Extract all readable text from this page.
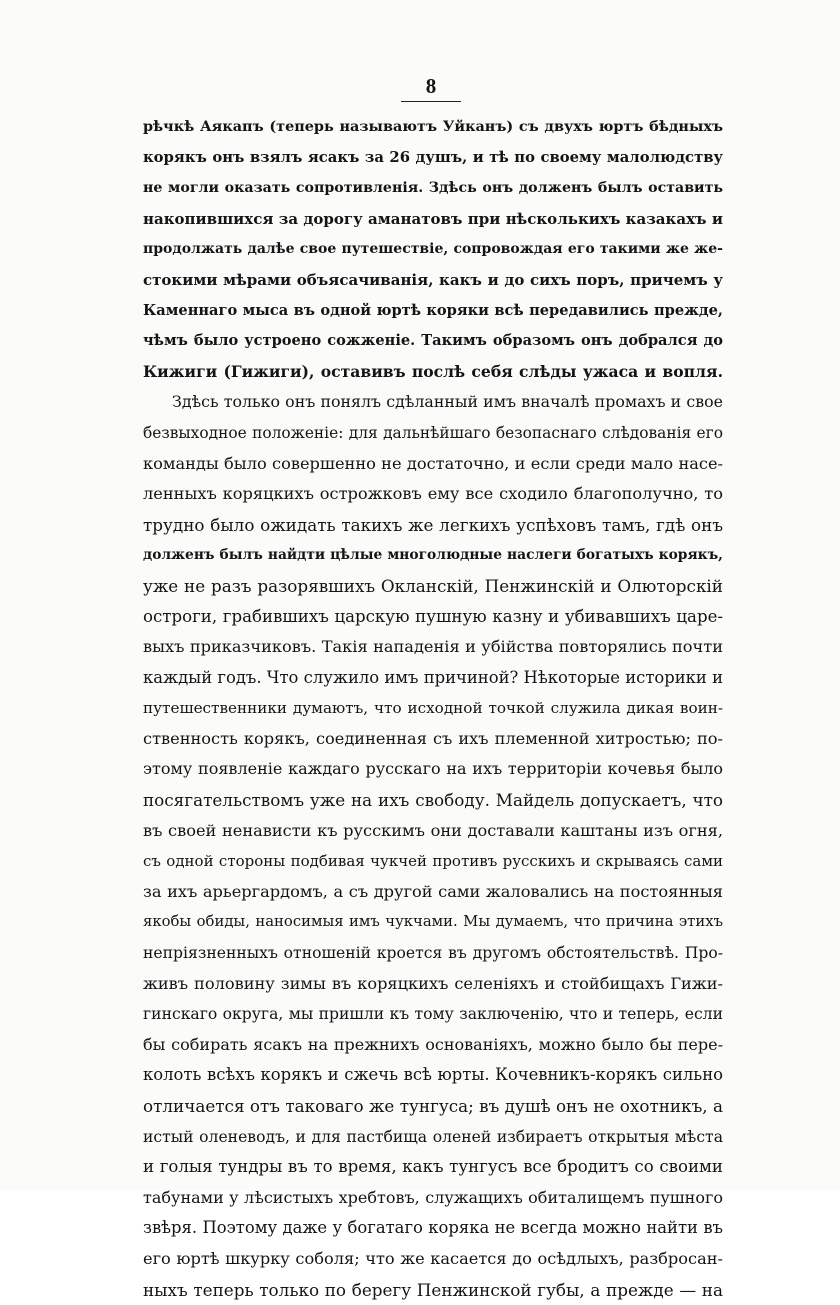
8
рѣчкѣ Аякапъ (теперь называютъ Уйканъ) съ двухъ юртъ бѣдныхъ
корякъ онъ взялъ ясакъ за 26 душъ, и тѣ по своему малолюдству
не могли оказать сопротивленія. Здѣсь онъ долженъ былъ оставить
накопившихся за дорогу аманатовъ при нѣсколькихъ казакахъ и
продолжать далѣе свое путешествіе, сопровождая его такими же же-
стокими мѣрами объясачиванія, какъ и до сихъ поръ, причемъ у
Каменнаго мыса въ одной юртѣ коряки всѣ передавились прежде,
чѣмъ было устроено сожженіе. Такимъ образомъ онъ добрался до
Кижиги (Гижиги), оставивъ послѣ себя слѣды ужаса и вопля.
Здѣсь только онъ понялъ сдѣланный имъ вначалѣ промахъ и свое
безвыходное положеніе: для дальнѣйшаго безопаснаго слѣдованія его
команды было совершенно не достаточно, и если среди мало насе-
ленныхъ коряцкихъ острожковъ ему все сходило благополучно, то
трудно было ожидать такихъ же легкихъ успѣховъ тамъ, гдѣ онъ
долженъ былъ найдти цѣлые многолюдные наслеги богатыхъ корякъ,
уже не разъ разорявшихъ Окланскій, Пенжинскій и Олюторскій
остроги, грабившихъ царскую пушную казну и убивавшихъ царе-
выхъ приказчиковъ. Такія нападенія и убійства повторялись почти
каждый годъ. Что служило имъ причиной? Нѣкоторые историки и
путешественники думаютъ, что исходной точкой служила дикая воин-
ственность корякъ, соединенная съ ихъ племенной хитростью; по-
этому появленіе каждаго русскаго на ихъ территоріи кочевья было
посягательствомъ уже на ихъ свободу. Майдель допускаетъ, что
въ своей ненависти къ русскимъ они доставали каштаны изъ огня,
съ одной стороны подбивая чукчей противъ русскихъ и скрываясь сами
за ихъ арьергардомъ, а съ другой сами жаловались на постоянныя
якобы обиды, наносимыя имъ чукчами. Мы думаемъ, что причина этихъ
непріязненныхъ отношеній кроется въ другомъ обстоятельствѣ. Про-
живъ половину зимы въ коряцкихъ селеніяхъ и стойбищахъ Гижи-
гинскаго округа, мы пришли къ тому заключенію, что и теперь, если
бы собирать ясакъ на прежнихъ основаніяхъ, можно было бы пере-
колоть всѣхъ корякъ и сжечь всѣ юрты. Кочевникъ-корякъ сильно
отличается отъ таковаго же тунгуса; въ душѣ онъ не охотникъ, а
истый оленеводъ, и для пастбища оленей избираетъ открытыя мѣста
и голыя тундры въ то время, какъ тунгусъ все бродитъ со своими
табунами у лѣсистыхъ хребтовъ, служащихъ обиталищемъ пушного
звѣря. Поэтому даже у богатаго коряка не всегда можно найти въ
его юртѣ шкурку соболя; что же касается до осѣдлыхъ, разбросан-
ныхъ теперь только по берегу Пенжинской губы, а прежде — на
